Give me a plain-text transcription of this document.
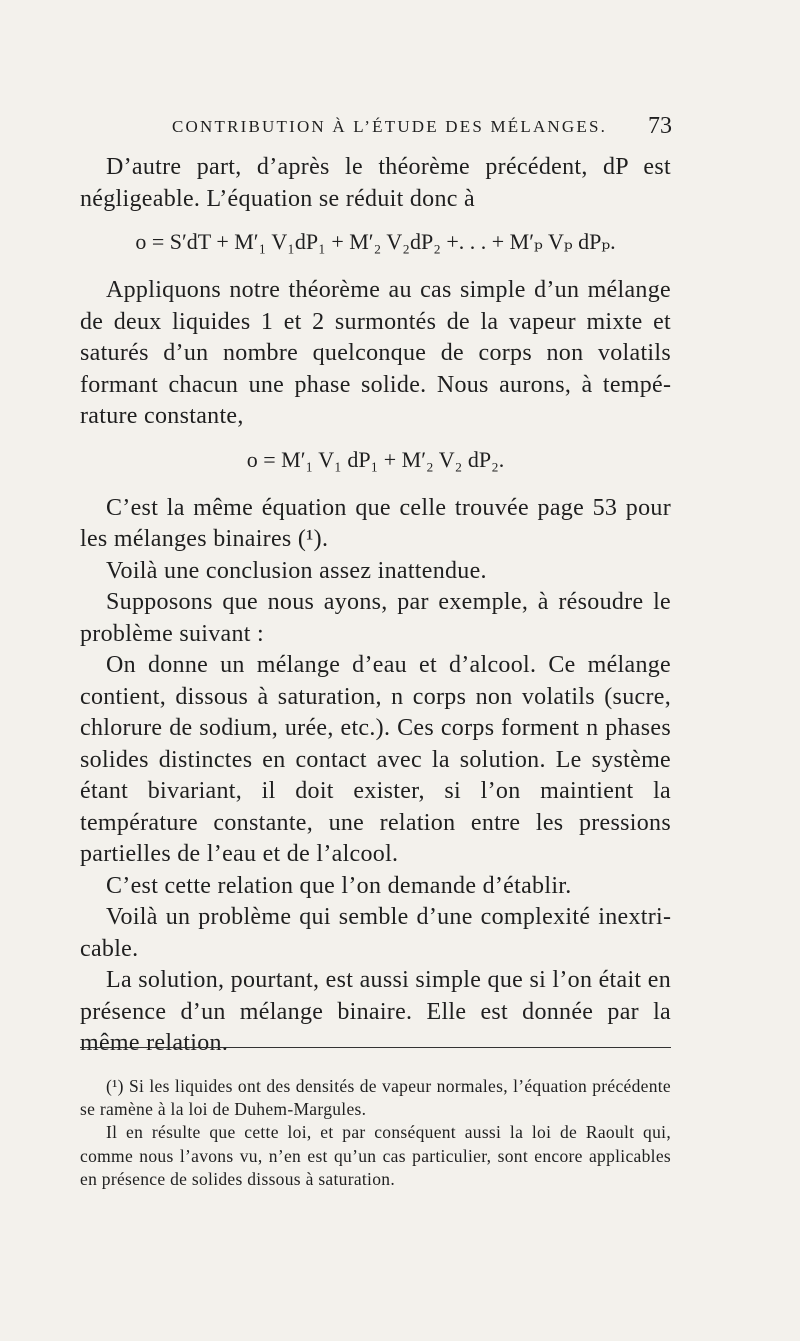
CONTRIBUTION À L’ÉTUDE DES MÉLANGES. 73

D’autre part, d’après le théorème précédent, dP est négligeable. L’équation se réduit donc à

o = S′dT + M′₁ V₁dP₁ + M′₂ V₂dP₂ +. . . + M′ₚ Vₚ dPₚ.

Appliquons notre théorème au cas simple d’un mélange de deux liquides 1 et 2 surmontés de la vapeur mixte et saturés d’un nombre quelconque de corps non volatils formant chacun une phase solide. Nous aurons, à température constante,

o = M′₁ V₁ dP₁ + M′₂ V₂ dP₂.

C’est la même équation que celle trouvée page 53 pour les mélanges binaires (¹).

Voilà une conclusion assez inattendue.

Supposons que nous ayons, par exemple, à résoudre le problème suivant :

On donne un mélange d’eau et d’alcool. Ce mélange contient, dissous à saturation, n corps non volatils (sucre, chlorure de sodium, urée, etc.). Ces corps forment n phases solides distinctes en contact avec la solution. Le système étant bivariant, il doit exister, si l’on maintient la température constante, une relation entre les pressions partielles de l’eau et de l’alcool.

C’est cette relation que l’on demande d’établir.

Voilà un problème qui semble d’une complexité inextricable.

La solution, pourtant, est aussi simple que si l’on était en présence d’un mélange binaire. Elle est donnée par la même relation.

(¹) Si les liquides ont des densités de vapeur normales, l’équation précédente se ramène à la loi de Duhem-Margules.

Il en résulte que cette loi, et par conséquent aussi la loi de Raoult qui, comme nous l’avons vu, n’en est qu’un cas particulier, sont encore applicables en présence de solides dissous à saturation.
